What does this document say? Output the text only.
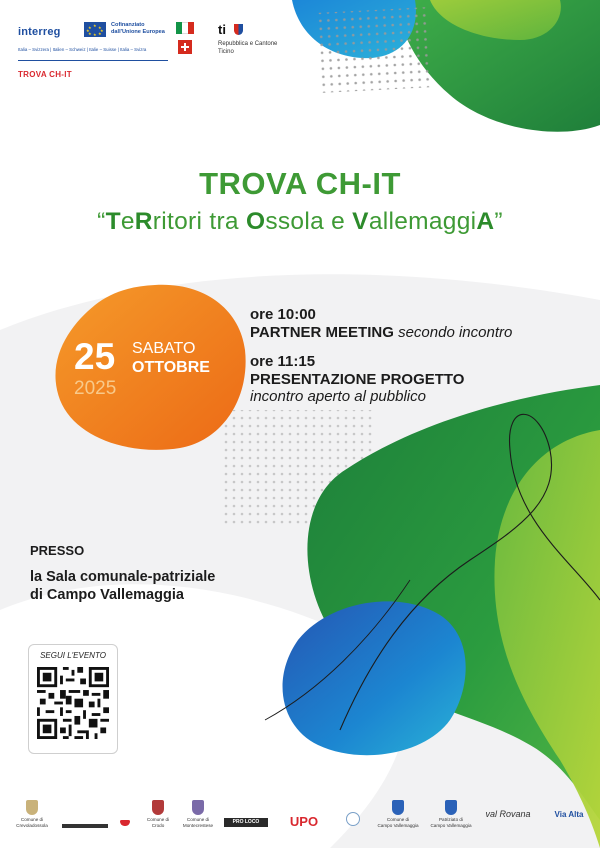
interreg
★
★ ★
★	★
★ ★
★
Cofinanziato
dall'Unione Europea
Italia – Svizzera | Italien – Schweiz | Italie – Suisse | Italia – Svizra
TROVA CH-IT
ti
Repubblica e Cantone
Ticino
TROVA CH-IT
“TeRritori tra Ossola e VallemaggiA”
25 SABATO
OTTOBRE
2025
ore 10:00
PARTNER MEETING secondo incontro
ore 11:15
PRESENTAZIONE PROGETTO
incontro aperto al pubblico
PRESSO
la Sala comunale-patriziale
di Campo Vallemaggia
SEGUI L'EVENTO
Comune di
Crevoladossola
Comune di
Crodo
Comune di
Montecrestese	PRO LOCO	UPO	Comune di
Campo Vallemaggia
Patriziato di
Campo Vallemaggia
val Rovana	Via Alta
